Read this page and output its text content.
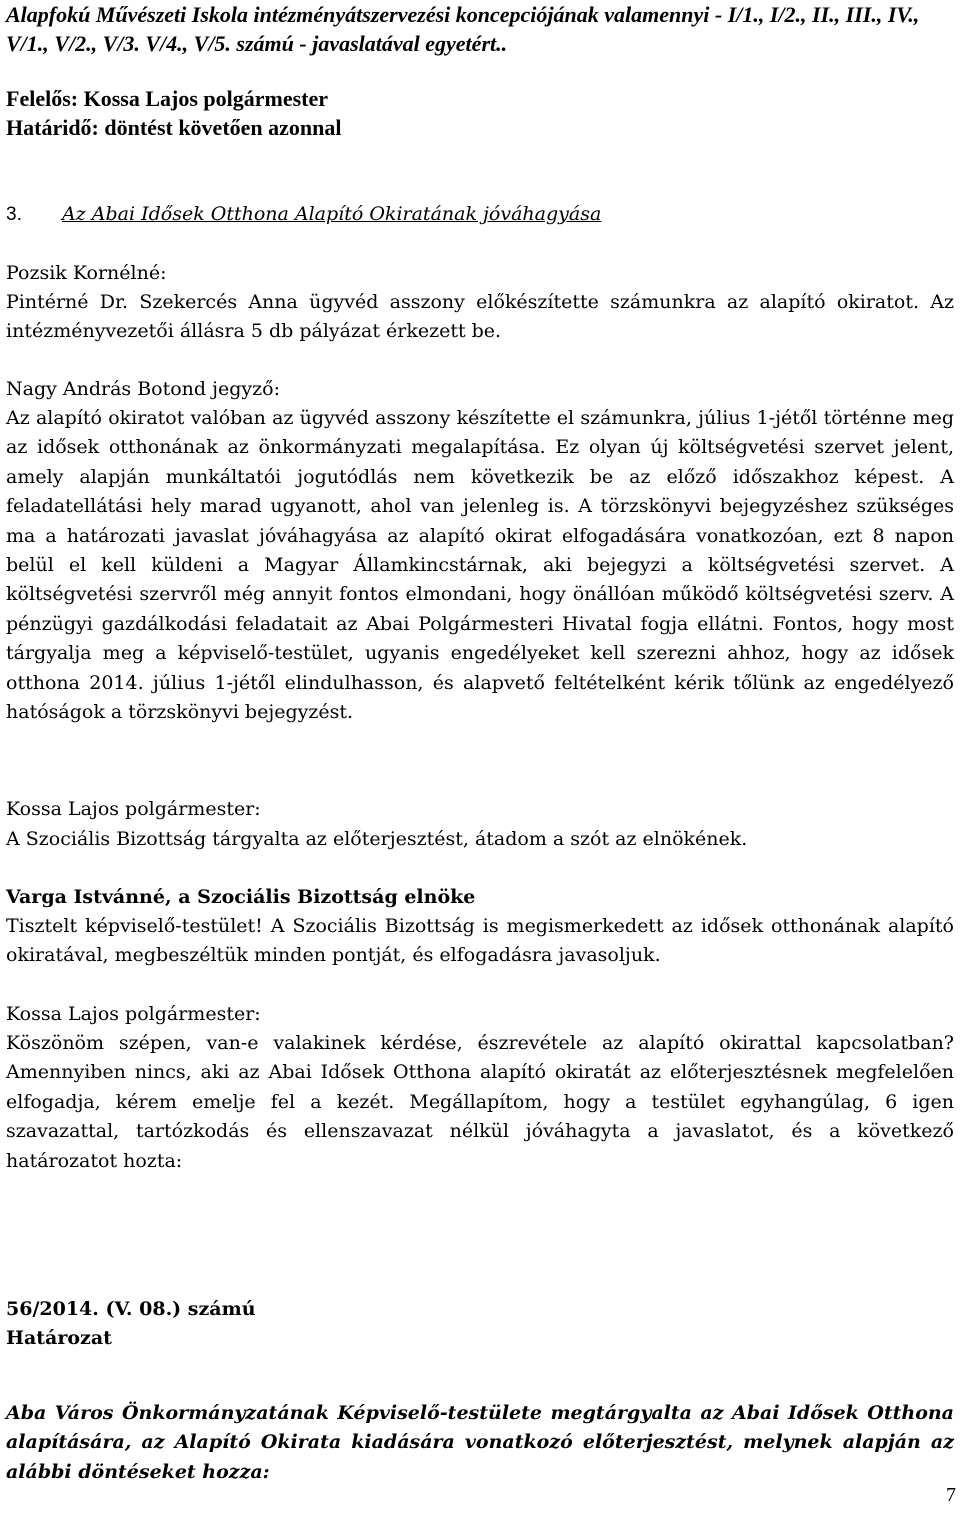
Alapfokú Művészeti Iskola intézményátszervezési koncepciójának valamennyi - I/1., I/2., II., III., IV., V/1., V/2., V/3. V/4., V/5. számú - javaslatával egyetért..

Felelős: Kossa Lajos polgármester

Határidő: döntést követően azonnal

3.	Az Abai Idősek Otthona Alapító Okiratának jóváhagyása

Pozsik Kornélné:

Pintérné Dr. Szekercés Anna ügyvéd asszony előkészítette számunkra az alapító okiratot. Az intézményvezetői állásra 5 db pályázat érkezett be.

Nagy András Botond jegyző:

Az alapító okiratot valóban az ügyvéd asszony készítette el számunkra, július 1-jétől történne meg az idősek otthonának az önkormányzati megalapítása. Ez olyan új költségvetési szervet jelent, amely alapján munkáltatói jogutódlás nem következik be az előző időszakhoz képest. A feladatellátási hely marad ugyanott, ahol van jelenleg is. A törzskönyvi bejegyzéshez szükséges ma a határozati javaslat jóváhagyása az alapító okirat elfogadására vonatkozóan, ezt 8 napon belül el kell küldeni a Magyar Államkincstárnak, aki bejegyzi a költségvetési szervet. A költségvetési szervről még annyit fontos elmondani, hogy önállóan működő költségvetési szerv. A pénzügyi gazdálkodási feladatait az Abai Polgármesteri Hivatal fogja ellátni. Fontos, hogy most tárgyalja meg a képviselő-testület, ugyanis engedélyeket kell szerezni ahhoz, hogy az idősek otthona 2014. július 1-jétől elindulhasson, és alapvető feltételként kérik tőlünk az engedélyező hatóságok a törzskönyvi bejegyzést.

Kossa Lajos polgármester:

A Szociális Bizottság tárgyalta az előterjesztést, átadom a szót az elnökének.

Varga Istvánné, a Szociális Bizottság elnöke

Tisztelt képviselő-testület! A Szociális Bizottság is megismerkedett az idősek otthonának alapító okiratával, megbeszéltük minden pontját, és elfogadásra javasoljuk.

Kossa Lajos polgármester:

Köszönöm szépen, van-e valakinek kérdése, észrevétele az alapító okirattal kapcsolatban? Amennyiben nincs, aki az Abai Idősek Otthona alapító okiratát az előterjesztésnek megfelelően elfogadja, kérem emelje fel a kezét. Megállapítom, hogy a testület egyhangúlag, 6 igen szavazattal, tartózkodás és ellenszavazat nélkül jóváhagyta a javaslatot, és a következő határozatot hozta:

56/2014. (V. 08.) számú

Határozat

Aba Város Önkormányzatának Képviselő-testülete megtárgyalta az Abai Idősek Otthona alapítására, az Alapító Okirata kiadására vonatkozó előterjesztést, melynek alapján az alábbi döntéseket hozza:

7
